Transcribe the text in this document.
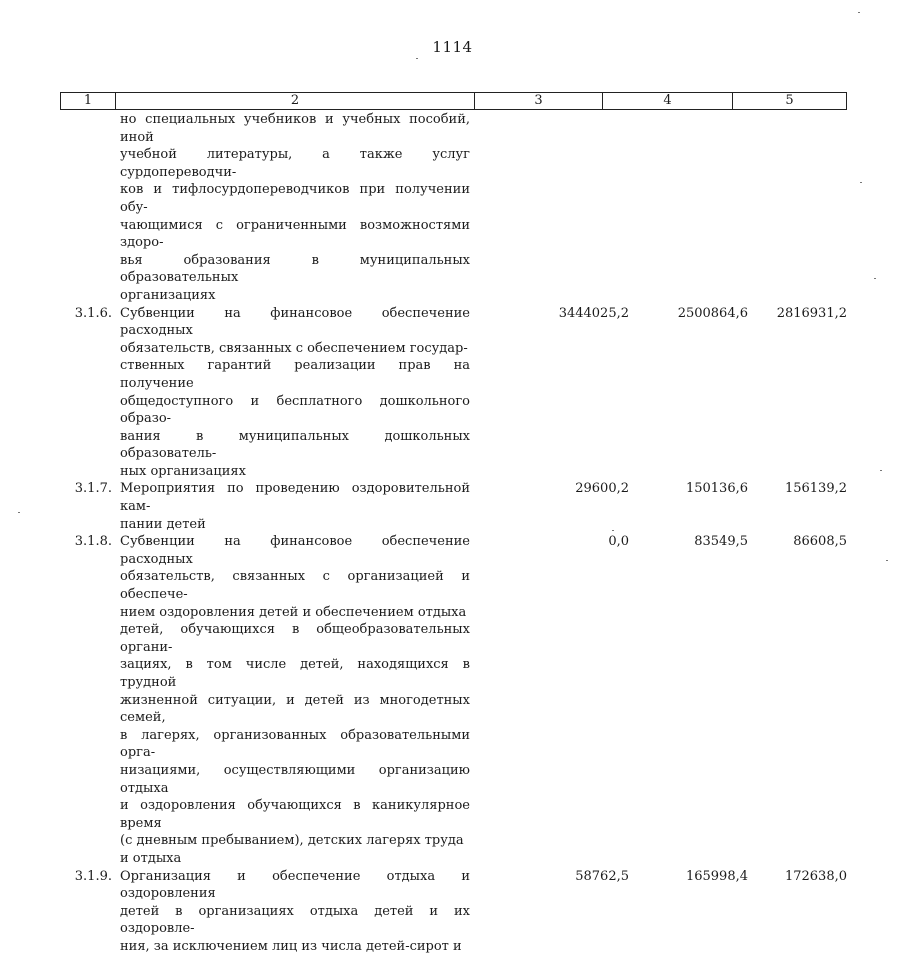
1114
1	2	3	4	5
но специальных учебников и учебных пособий, иной
учебной литературы, а также услуг сурдопереводчи-
ков и тифлосурдопереводчиков при получении обу-
чающимися с ограниченными возможностями здоро-
вья образования в муниципальных образовательных
организациях
3.1.6. Субвенции на финансовое обеспечение расходных
обязательств, связанных с обеспечением государ-
ственных гарантий реализации прав на получение
общедоступного и бесплатного дошкольного образо-
вания в муниципальных дошкольных образователь-
ных организациях
3444025,2	2500864,6	2816931,2
3.1.7. Мероприятия по проведению оздоровительной кам-
пании детей
29600,2	150136,6	156139,2
3.1.8. Субвенции на финансовое обеспечение расходных
обязательств, связанных с организацией и обеспече-
нием оздоровления детей и обеспечением отдыха
детей, обучающихся в общеобразовательных органи-
зациях, в том числе детей, находящихся в трудной
жизненной ситуации, и детей из многодетных семей,
в лагерях, организованных образовательными орга-
низациями, осуществляющими организацию отдыха
и оздоровления обучающихся в каникулярное время
(с дневным пребыванием), детских лагерях труда
и отдыха
0,0	83549,5	86608,5
3.1.9. Организация и обеспечение отдыха и оздоровления
детей в организациях отдыха детей и их оздоровле-
ния, за исключением лиц из числа детей-сирот и
58762,5	165998,4	172638,0
